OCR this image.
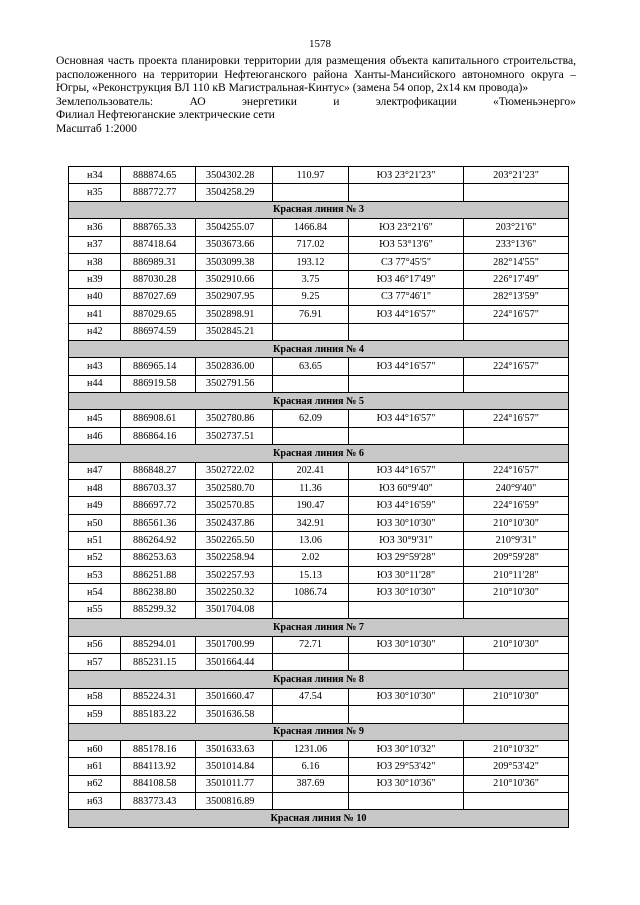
1578

Основная часть проекта планировки территории для размещения объекта капитального строительства, расположенного на территории Нефтеюганского района Ханты-Мансийского автономного округа – Югры, «Реконструкция ВЛ 110 кВ Магистральная-Кинтус» (замена 54 опор, 2х14 км провода)»

Землепользователь:	АО	энергетики	и	электрофикации	«Тюменьэнерго»

Филиал Нефтеюганские электрические сети

Масштаб 1:2000

н34	888874.65	3504302.28	110.97	ЮЗ 23°21'23"	203°21'23"
н35	888772.77	3504258.29			
Красная линия № 3					
н36	888765.33	3504255.07	1466.84	ЮЗ 23°21'6"	203°21'6"
н37	887418.64	3503673.66	717.02	ЮЗ 53°13'6"	233°13'6"
н38	886989.31	3503099.38	193.12	СЗ 77°45'5"	282°14'55"
н39	887030.28	3502910.66	3.75	ЮЗ 46°17'49"	226°17'49"
н40	887027.69	3502907.95	9.25	СЗ 77°46'1"	282°13'59"
н41	887029.65	3502898.91	76.91	ЮЗ 44°16'57"	224°16'57"
н42	886974.59	3502845.21			
Красная линия № 4					
н43	886965.14	3502836.00	63.65	ЮЗ 44°16'57"	224°16'57"
н44	886919.58	3502791.56			
Красная линия № 5					
н45	886908.61	3502780.86	62.09	ЮЗ 44°16'57"	224°16'57"
н46	886864.16	3502737.51			
Красная линия № 6					
н47	886848.27	3502722.02	202.41	ЮЗ 44°16'57"	224°16'57"
н48	886703.37	3502580.70	11.36	ЮЗ 60°9'40"	240°9'40"
н49	886697.72	3502570.85	190.47	ЮЗ 44°16'59"	224°16'59"
н50	886561.36	3502437.86	342.91	ЮЗ 30°10'30"	210°10'30"
н51	886264.92	3502265.50	13.06	ЮЗ 30°9'31"	210°9'31"
н52	886253.63	3502258.94	2.02	ЮЗ 29°59'28"	209°59'28"
н53	886251.88	3502257.93	15.13	ЮЗ 30°11'28"	210°11'28"
н54	886238.80	3502250.32	1086.74	ЮЗ 30°10'30"	210°10'30"
н55	885299.32	3501704.08			
Красная линия № 7					
н56	885294.01	3501700.99	72.71	ЮЗ 30°10'30"	210°10'30"
н57	885231.15	3501664.44			
Красная линия № 8					
н58	885224.31	3501660.47	47.54	ЮЗ 30°10'30"	210°10'30"
н59	885183.22	3501636.58			
Красная линия № 9					
н60	885178.16	3501633.63	1231.06	ЮЗ 30°10'32"	210°10'32"
н61	884113.92	3501014.84	6.16	ЮЗ 29°53'42"	209°53'42"
н62	884108.58	3501011.77	387.69	ЮЗ 30°10'36"	210°10'36"
н63	883773.43	3500816.89			
Красная линия № 10					
